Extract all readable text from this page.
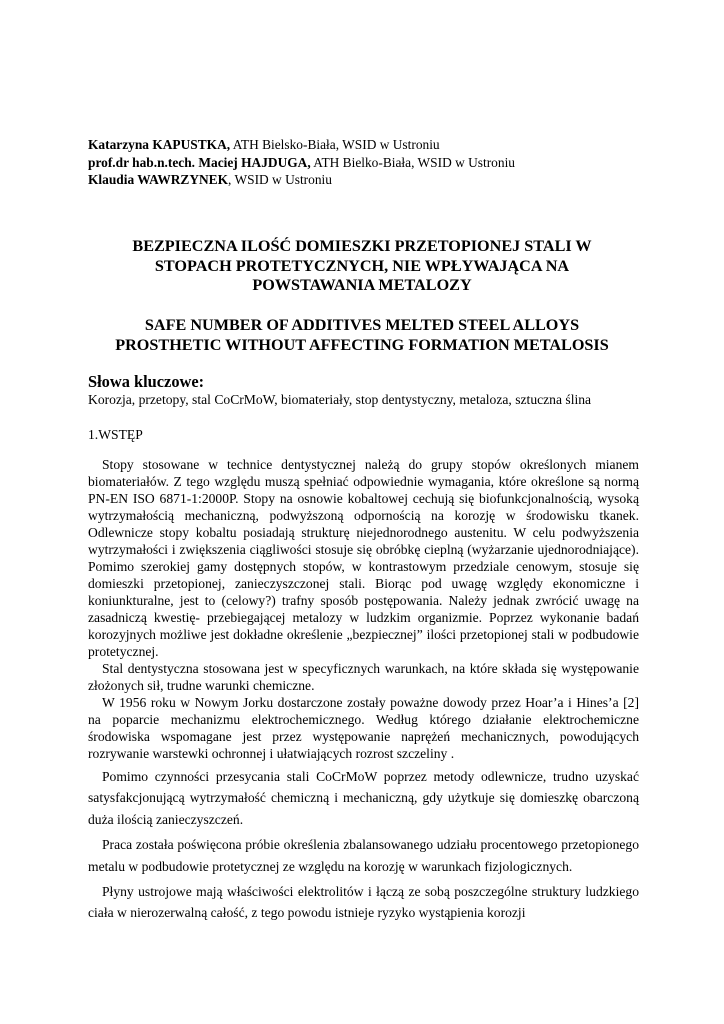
Katarzyna KAPUSTKA, ATH Bielsko-Biała, WSID w Ustroniu
prof.dr hab.n.tech. Maciej HAJDUGA, ATH Bielko-Biała, WSID w Ustroniu
Klaudia WAWRZYNEK, WSID w Ustroniu
BEZPIECZNA ILOŚĆ DOMIESZKI PRZETOPIONEJ STALI W
STOPACH PROTETYCZNYCH, NIE WPŁYWAJĄCA NA
POWSTAWANIA METALOZY
SAFE NUMBER OF ADDITIVES MELTED STEEL ALLOYS
PROSTHETIC WITHOUT AFFECTING FORMATION METALOSIS
Słowa kluczowe:
Korozja, przetopy, stal CoCrMoW, biomateriały, stop dentystyczny, metaloza, sztuczna ślina
1.WSTĘP

Stopy stosowane w technice dentystycznej należą do grupy stopów określonych mianem biomateriałów. Z tego względu muszą spełniać odpowiednie wymagania, które określone są normą PN-EN ISO 6871-1:2000P. Stopy na osnowie kobaltowej cechują się biofunkcjonalnością, wysoką wytrzymałością mechaniczną, podwyższoną odpornością na korozję w środowisku tkanek. Odlewnicze stopy kobaltu posiadają strukturę niejednorodnego austenitu. W celu podwyższenia wytrzymałości i zwiększenia ciągliwości stosuje się obróbkę cieplną (wyżarzanie ujednorodniające). Pomimo szerokiej gamy dostępnych stopów, w kontrastowym przedziale cenowym, stosuje się domieszki przetopionej, zanieczyszczonej stali. Biorąc pod uwagę względy ekonomiczne i koniunkturalne, jest to (celowy?) trafny sposób postępowania. Należy jednak zwrócić uwagę na zasadniczą kwestię- przebiegającej metalozy w ludzkim organizmie. Poprzez wykonanie badań korozyjnych możliwe jest dokładne określenie „bezpiecznej” ilości przetopionej stali w podbudowie protetycznej.

Stal dentystyczna stosowana jest w specyficznych warunkach, na które składa się występowanie złożonych sił, trudne warunki chemiczne.

W 1956 roku w Nowym Jorku dostarczone zostały poważne dowody przez Hoar’a i Hines’a [2] na poparcie mechanizmu elektrochemicznego. Według którego działanie elektrochemiczne środowiska wspomagane jest przez występowanie naprężeń mechanicznych, powodujących rozrywanie warstewki ochronnej i ułatwiających rozrost szczeliny .

Pomimo czynności przesycania stali CoCrMoW poprzez metody odlewnicze, trudno uzyskać satysfakcjonującą wytrzymałość chemiczną i mechaniczną, gdy użytkuje się domieszkę obarczoną duża ilością zanieczyszczeń.

Praca została poświęcona próbie określenia zbalansowanego udziału procentowego przetopionego metalu w podbudowie protetycznej ze względu na korozję w warunkach fizjologicznych.

Płyny ustrojowe mają właściwości elektrolitów i łączą ze sobą poszczególne struktury ludzkiego ciała w nierozerwalną całość, z tego powodu istnieje ryzyko wystąpienia korozji
